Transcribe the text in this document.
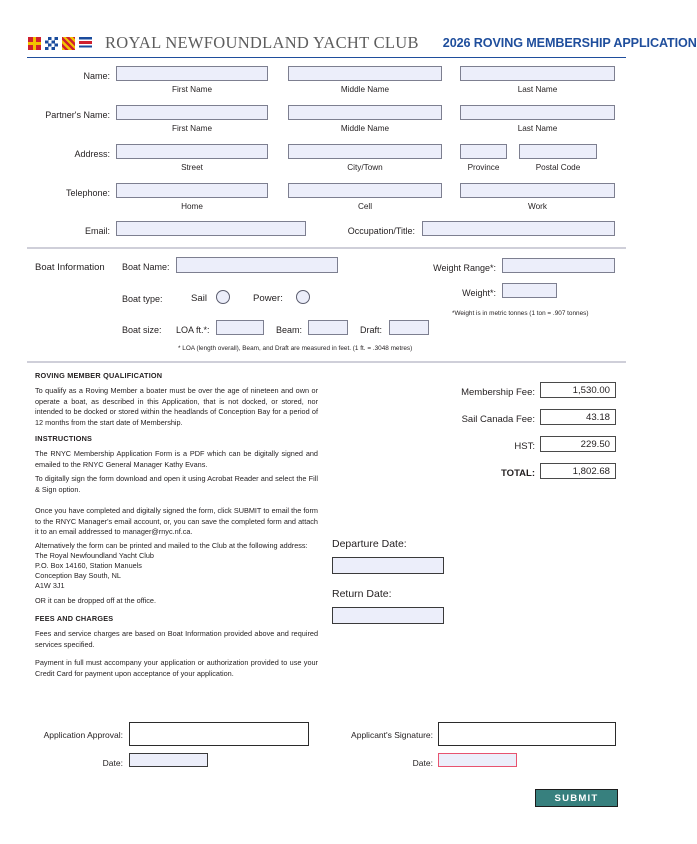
ROYAL NEWFOUNDLAND YACHT CLUB 2026 ROVING MEMBERSHIP APPLICATION
Name:
First Name	Middle Name	Last Name
Partner's Name:
First Name	Middle Name	Last Name
Address:
Street	City/Town	Province	Postal Code
Telephone:
Home	Cell	Work
Email:	Occupation/Title:
Boat Information Boat Name:
Boat type:	Sail	Power:
Boat size: LOA ft.*:	Beam:	Draft:
* LOA (length overall), Beam, and Draft are measured in feet. (1 ft. = .3048 metres)
Weight Range*:
Weight*:
*Weight is in metric tonnes (1 ton = .907 tonnes)
ROVING MEMBER QUALIFICATION
To qualify as a Roving Member a boater must be over the age of nineteen and own or operate a boat, as described in this Application, that is not docked, or stored, nor intended to be docked or stored within the headlands of Conception Bay for a period of 12 months from the start date of Membership.
INSTRUCTIONS
The RNYC Membership Application Form is a PDF which can be digitally signed and emailed to the RNYC General Manager Kathy Evans.
To digitally sign the form download and open it using Acrobat Reader and select the Fill & Sign option.
Once you have completed and digitally signed the form, click SUBMIT to email the form to the RNYC Manager's email account, or, you can save the completed form and attach it to an email addressed to manager@rnyc.nf.ca.
Alternatively the form can be printed and mailed to the Club at the following address:
The Royal Newfoundland Yacht Club
P.O. Box 14160, Station Manuels
Conception Bay South, NL
A1W 3J1
OR it can be dropped off at the office.
FEES AND CHARGES
Fees and service charges are based on Boat Information provided above and required services specified.
Payment in full must accompany your application or authorization provided to use your Credit Card for payment upon acceptance of your application.
Membership Fee:	1,530.00
Sail Canada Fee:	43.18
HST:	229.50
TOTAL:	1,802.68
Departure Date:
Return Date:
Application Approval:
Date:
Applicant's Signature:
Date:
SUBMIT
